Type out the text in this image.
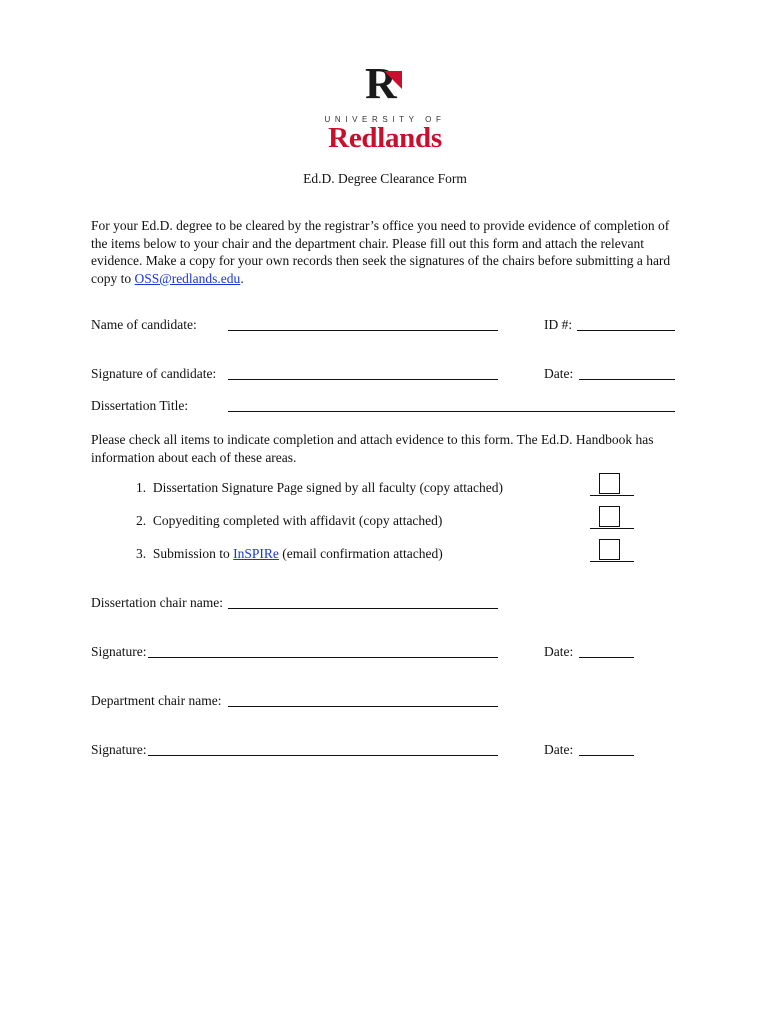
R
UNIVERSITY OF
Redlands
Ed.D. Degree Clearance Form
For your Ed.D. degree to be cleared by the registrar’s office you need to provide evidence of completion of the items below to your chair and the department chair. Please fill out this form and attach the relevant evidence. Make a copy for your own records then seek the signatures of the chairs before submitting a hard copy to OSS@redlands.edu.
Name of candidate:	ID #:
Signature of candidate:	Date:
Dissertation Title:
Please check all items to indicate completion and attach evidence to this form. The Ed.D. Handbook has information about each of these areas.
1. Dissertation Signature Page signed by all faculty (copy attached)
2. Copyediting completed with affidavit (copy attached)
3. Submission to InSPIRe (email confirmation attached)
Dissertation chair name:
Signature:	Date:
Department chair name:
Signature:	Date:
